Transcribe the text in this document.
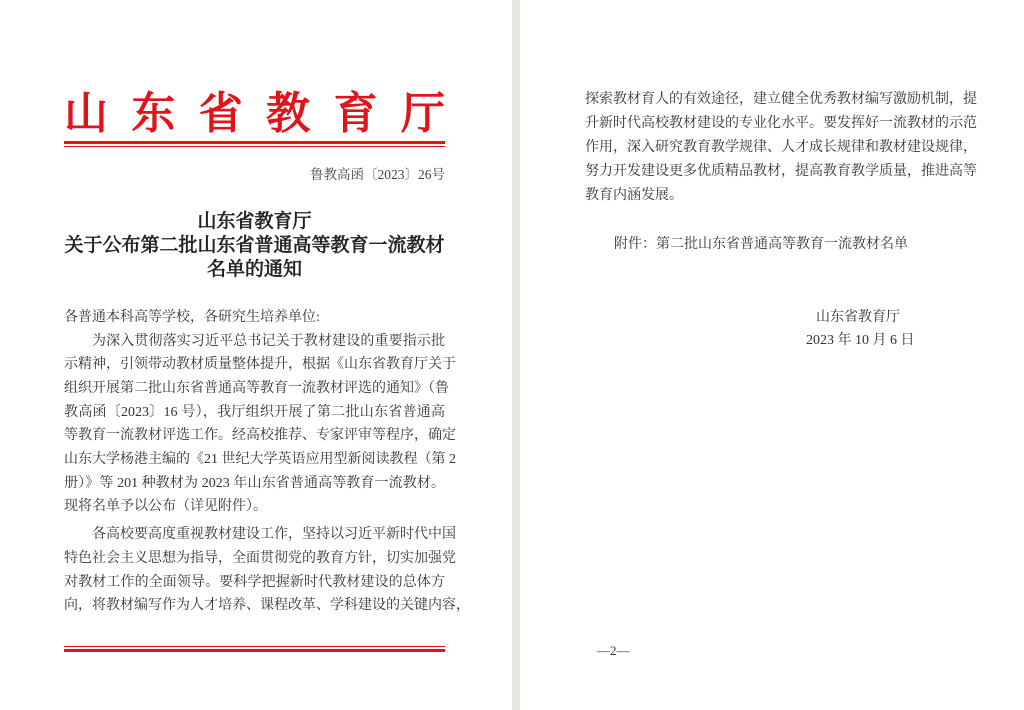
山 东 省 教 育 厅
鲁教高函〔2023〕26号
山东省教育厅
关于公布第二批山东省普通高等教育一流教材
名单的通知
各普通本科高等学校，各研究生培养单位:
为深入贯彻落实习近平总书记关于教材建设的重要指示批
示精神，引领带动教材质量整体提升，根据《山东省教育厅关于
组织开展第二批山东省普通高等教育一流教材评选的通知》（鲁
教高函〔2023〕16 号），我厅组织开展了第二批山东省普通高
等教育一流教材评选工作。经高校推荐、专家评审等程序，确定
山东大学杨港主编的《21 世纪大学英语应用型新阅读教程（第 2
册）》等 201 种教材为 2023 年山东省普通高等教育一流教材。
现将名单予以公布（详见附件）。
各高校要高度重视教材建设工作，坚持以习近平新时代中国
特色社会主义思想为指导，全面贯彻党的教育方针，切实加强党
对教材工作的全面领导。要科学把握新时代教材建设的总体方
向，将教材编写作为人才培养、课程改革、学科建设的关键内容，
探索教材育人的有效途径，建立健全优秀教材编写激励机制，提
升新时代高校教材建设的专业化水平。要发挥好一流教材的示范
作用，深入研究教育教学规律、人才成长规律和教材建设规律，
努力开发建设更多优质精品教材，提高教育教学质量，推进高等
教育内涵发展。
附件：第二批山东省普通高等教育一流教材名单
山东省教育厅
2023 年 10 月 6 日
—2—
